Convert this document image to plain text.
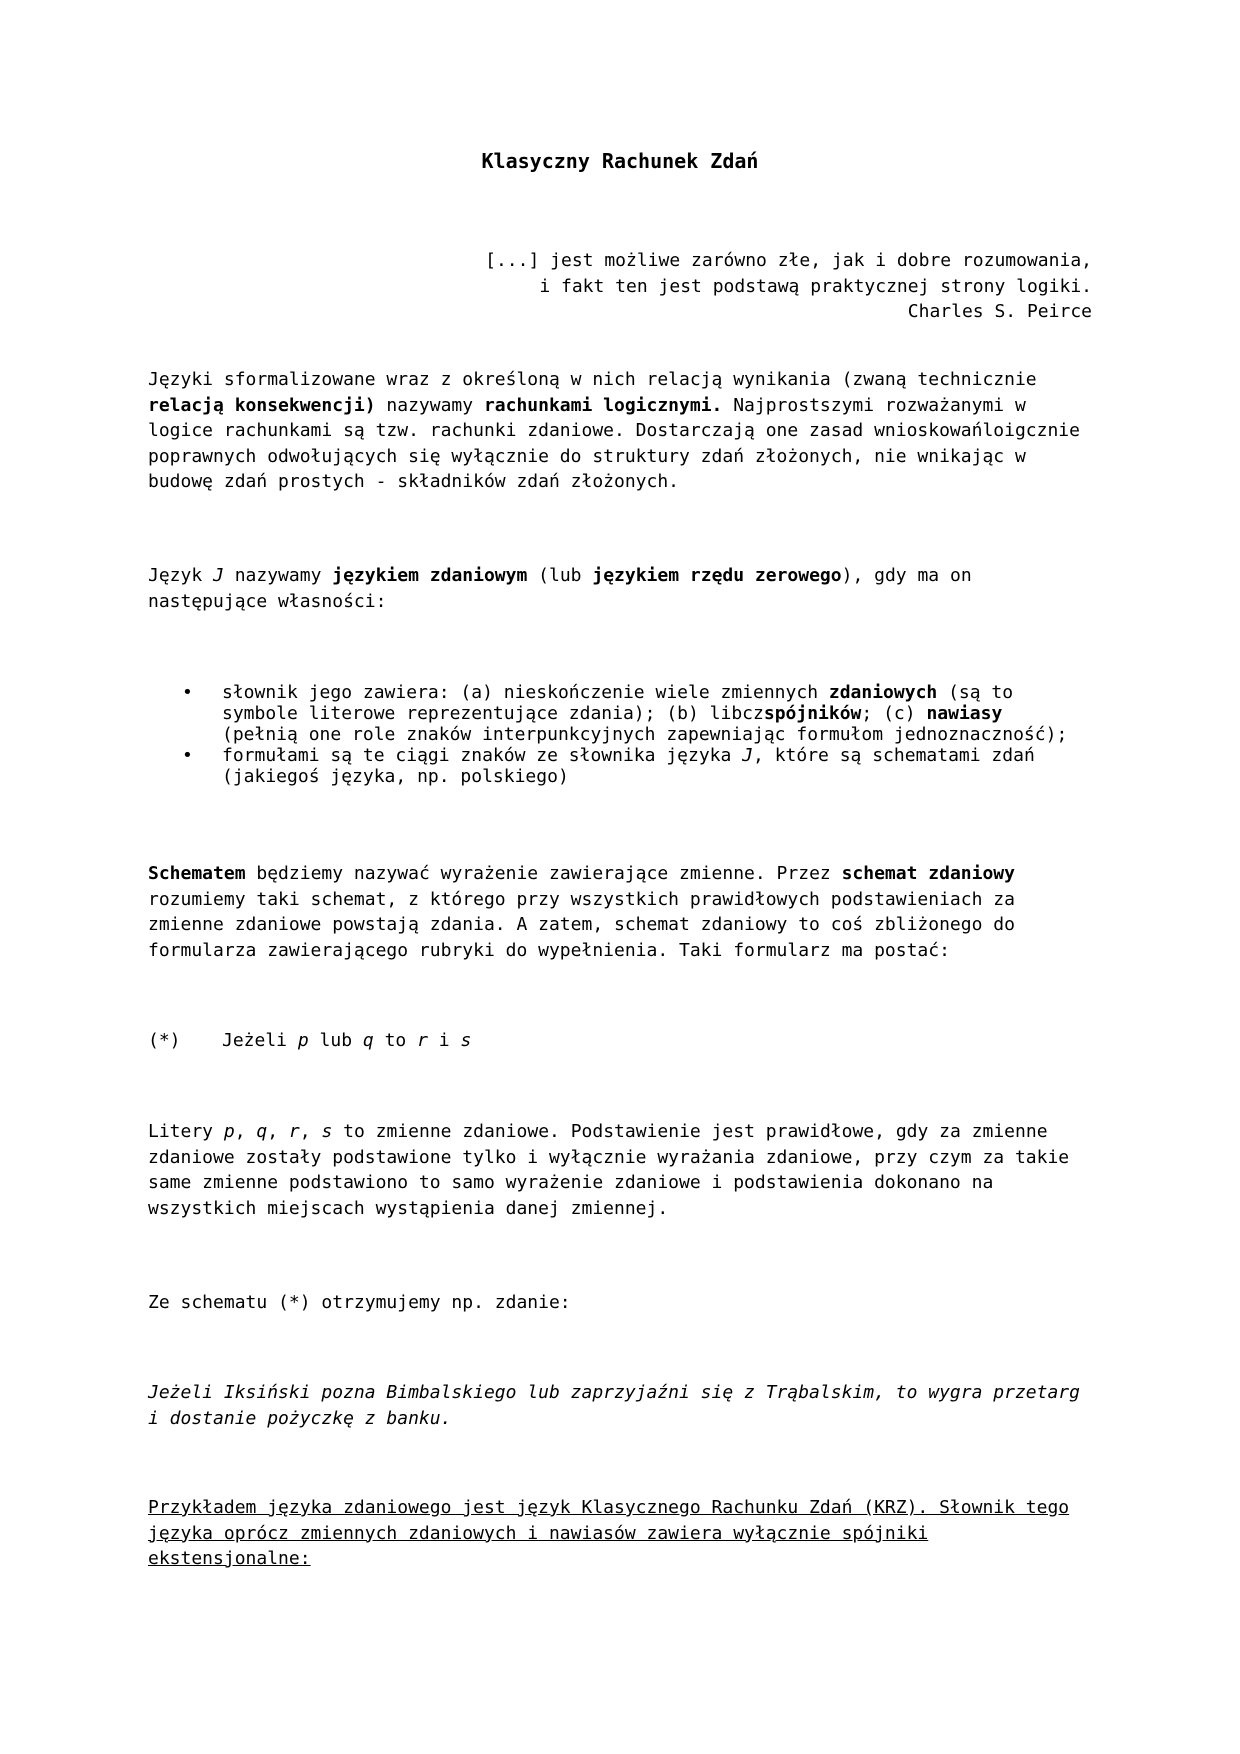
Klasyczny Rachunek Zdań
[...] jest możliwe zarówno złe, jak i dobre rozumowania,
i fakt ten jest podstawą praktycznej strony logiki.
Charles S. Peirce

Języki sformalizowane wraz z określoną w nich relacją wynikania (zwaną technicznie relacją konsekwencji) nazywamy rachunkami logicznymi. Najprostszymi rozważanymi w logice rachunkami są tzw. rachunki zdaniowe. Dostarczają one zasad wnioskowańloigcznie poprawnych odwołujących się wyłącznie do struktury zdań złożonych, nie wnikając w budowę zdań prostych - składników zdań złożonych.

Język J nazywamy językiem zdaniowym (lub językiem rzędu zerowego), gdy ma on następujące własności:

• słownik jego zawiera: (a) nieskończenie wiele zmiennych zdaniowych (są to symbole literowe reprezentujące zdania); (b) libczspójników; (c) nawiasy (pełnią one role znaków interpunkcyjnych zapewniając formułom jednoznaczność);
• formułami są te ciągi znaków ze słownika języka J, które są schematami zdań (jakiegoś języka, np. polskiego)

Schematem będziemy nazywać wyrażenie zawierające zmienne. Przez schemat zdaniowy rozumiemy taki schemat, z którego przy wszystkich prawidłowych podstawieniach za zmienne zdaniowe powstają zdania. A zatem, schemat zdaniowy to coś zbliżonego do formularza zawierającego rubryki do wypełnienia. Taki formularz ma postać:

(*) Jeżeli p lub q to r i s

Litery p, q, r, s to zmienne zdaniowe. Podstawienie jest prawidłowe, gdy za zmienne zdaniowe zostały podstawione tylko i wyłącznie wyrażania zdaniowe, przy czym za takie same zmienne podstawiono to samo wyrażenie zdaniowe i podstawienia dokonano na wszystkich miejscach wystąpienia danej zmiennej.

Ze schematu (*) otrzymujemy np. zdanie:

Jeżeli Iksiński pozna Bimbalskiego lub zaprzyjaźni się z Trąbalskim, to wygra przetarg i dostanie pożyczkę z banku.

Przykładem języka zdaniowego jest język Klasycznego Rachunku Zdań (KRZ). Słownik tego języka oprócz zmiennych zdaniowych i nawiasów zawiera wyłącznie spójniki ekstensjonalne:
